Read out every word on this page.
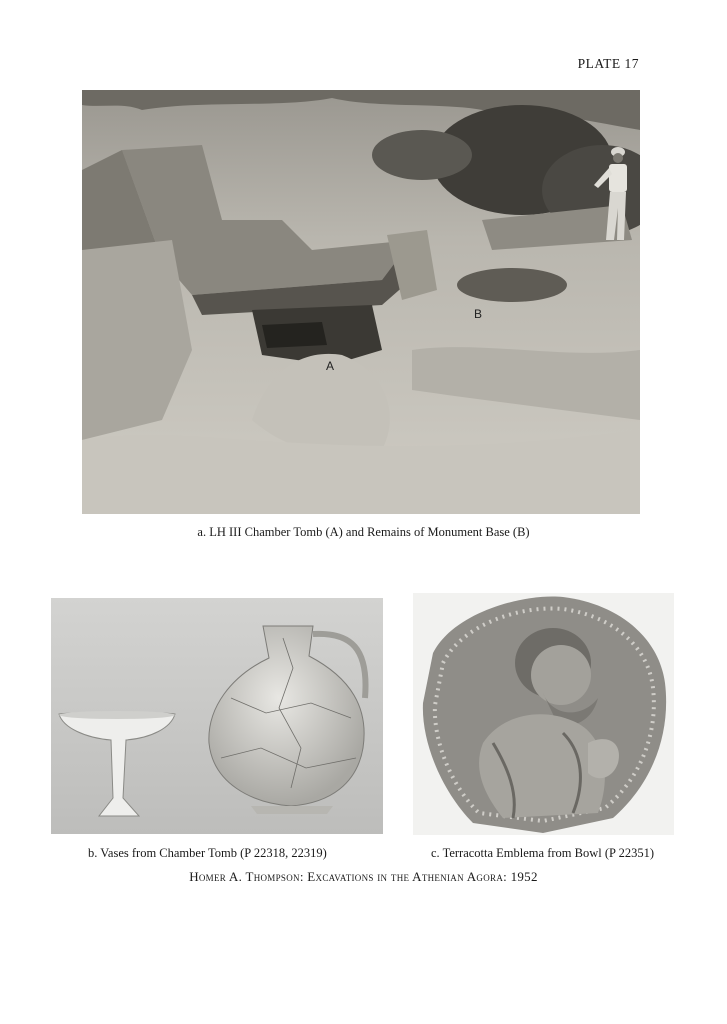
PLATE 17
B
A
a. LH III Chamber Tomb (A) and Remains of Monument Base (B)
b. Vases from Chamber Tomb (P 22318, 22319)	c. Terracotta Emblema from Bowl (P 22351)
Homer A. Thompson: Excavations in the Athenian Agora: 1952
